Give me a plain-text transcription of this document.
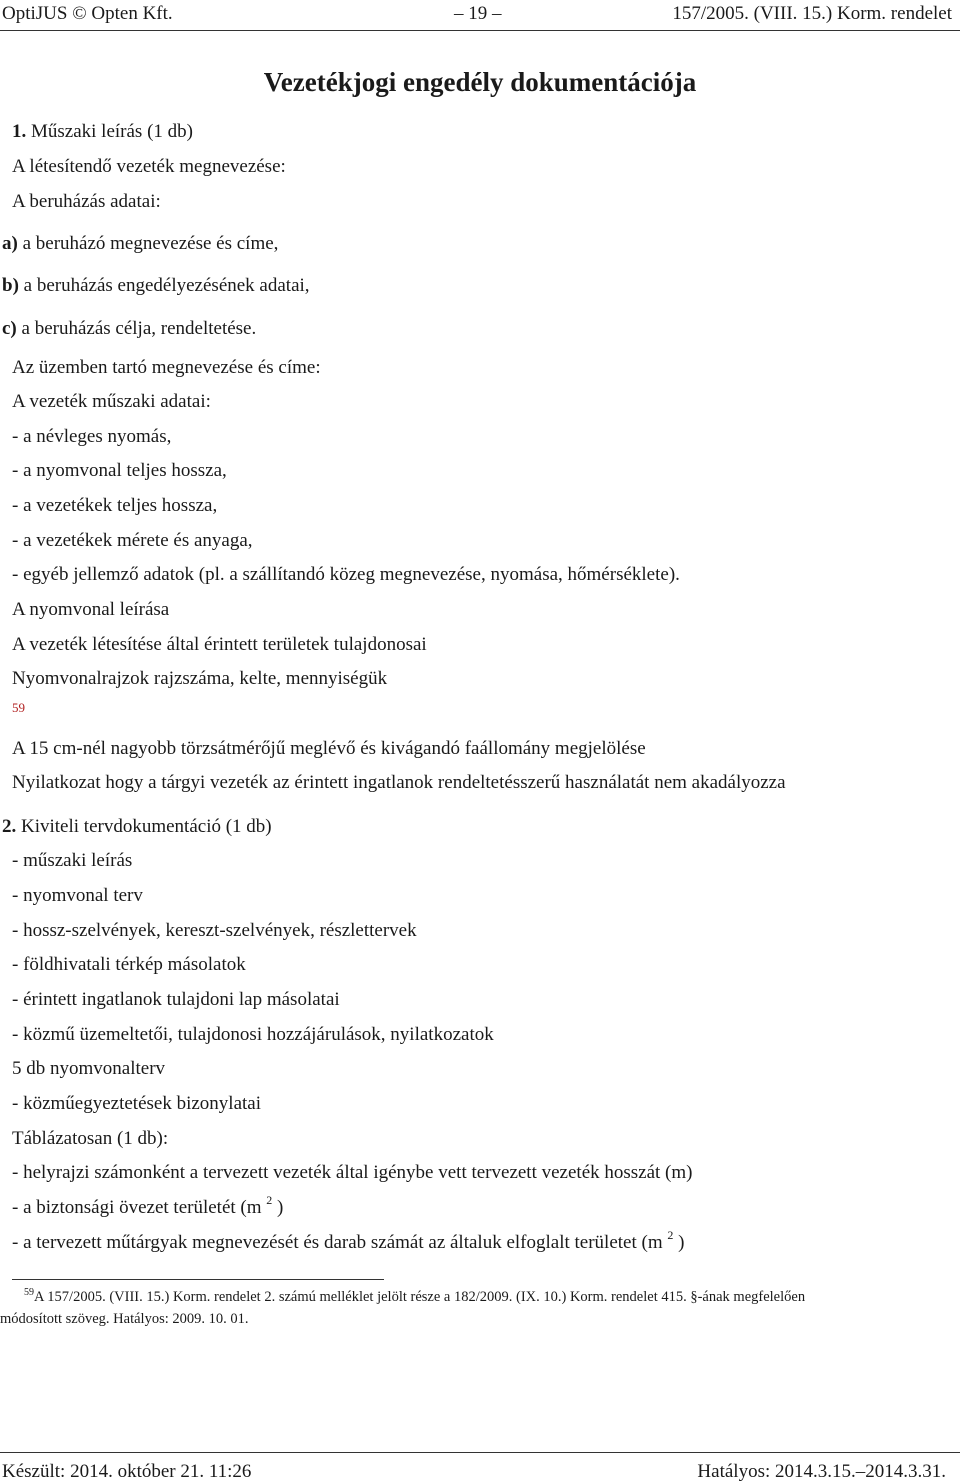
OptiJUS © Opten Kft.	– 19 –	157/2005. (VIII. 15.) Korm. rendelet
Vezetékjogi engedély dokumentációja
1. Műszaki leírás (1 db)
A létesítendő vezeték megnevezése:
A beruházás adatai:
a) a beruházó megnevezése és címe,
b) a beruházás engedélyezésének adatai,
c) a beruházás célja, rendeltetése.
Az üzemben tartó megnevezése és címe:
A vezeték műszaki adatai:
- a névleges nyomás,
- a nyomvonal teljes hossza,
- a vezetékek teljes hossza,
- a vezetékek mérete és anyaga,
- egyéb jellemző adatok (pl. a szállítandó közeg megnevezése, nyomása, hőmérséklete).
A nyomvonal leírása
A vezeték létesítése által érintett területek tulajdonosai
Nyomvonalrajzok rajzszáma, kelte, mennyiségük
59
A 15 cm-nél nagyobb törzsátmérőjű meglévő és kivágandó faállomány megjelölése
Nyilatkozat hogy a tárgyi vezeték az érintett ingatlanok rendeltetésszerű használatát nem akadályozza
2. Kiviteli tervdokumentáció (1 db)
- műszaki leírás
- nyomvonal terv
- hossz-szelvények, kereszt-szelvények, részlettervek
- földhivatali térkép másolatok
- érintett ingatlanok tulajdoni lap másolatai
- közmű üzemeltetői, tulajdonosi hozzájárulások, nyilatkozatok
5 db nyomvonalterv
- közműegyeztetések bizonylatai
Táblázatosan (1 db):
- helyrajzi számonként a tervezett vezeték által igénybe vett tervezett vezeték hosszát (m)
- a biztonsági övezet területét (m $^2$ )
- a tervezett műtárgyak megnevezését és darab számát az általuk elfoglalt területet (m $^2$ )
$^{59}$A 157/2005. (VIII. 15.) Korm. rendelet 2. számú melléklet jelölt része a 182/2009. (IX. 10.) Korm. rendelet 415. §-ának megfelelően
módosított szöveg. Hatályos: 2009. 10. 01.
Készült: 2014. október 21. 11:26	Hatályos: 2014.3.15.–2014.3.31.
